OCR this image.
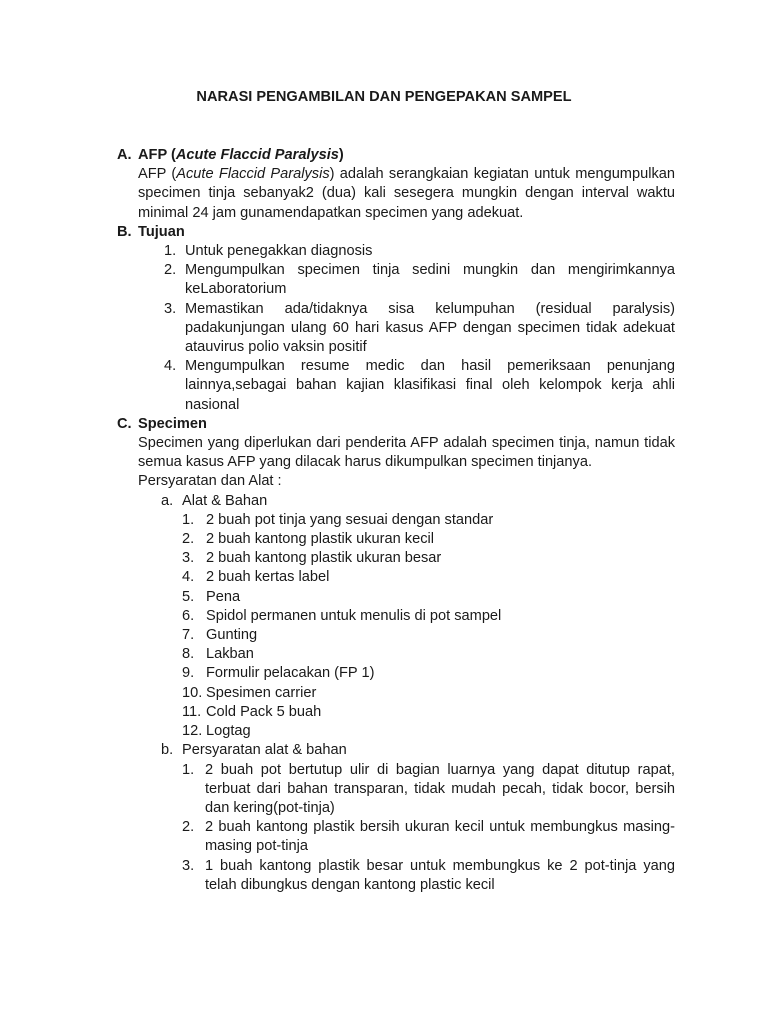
NARASI PENGAMBILAN DAN PENGEPAKAN SAMPEL
A. AFP (Acute Flaccid Paralysis)
AFP (Acute Flaccid Paralysis) adalah serangkaian kegiatan untuk mengumpulkan specimen tinja sebanyak2 (dua) kali sesegera mungkin dengan interval waktu minimal 24 jam gunamendapatkan specimen yang adekuat.
B. Tujuan
1. Untuk penegakkan diagnosis
2. Mengumpulkan specimen tinja sedini mungkin dan mengirimkannya keLaboratorium
3. Memastikan ada/tidaknya sisa kelumpuhan (residual paralysis) padakunjungan ulang 60 hari kasus AFP dengan specimen tidak adekuat atauvirus polio vaksin positif
4. Mengumpulkan resume medic dan hasil pemeriksaan penunjang lainnya,sebagai bahan kajian klasifikasi final oleh kelompok kerja ahli nasional
C. Specimen
Specimen yang diperlukan dari penderita AFP adalah specimen tinja, namun tidak semua kasus AFP yang dilacak harus dikumpulkan specimen tinjanya.
Persyaratan dan Alat :
a. Alat & Bahan
1. 2 buah pot tinja yang sesuai dengan standar
2. 2 buah kantong plastik ukuran kecil
3. 2 buah kantong plastik ukuran besar
4. 2 buah kertas label
5. Pena
6. Spidol permanen untuk menulis di pot sampel
7. Gunting
8. Lakban
9. Formulir pelacakan (FP 1)
10. Spesimen carrier
11. Cold Pack 5 buah
12. Logtag
b. Persyaratan alat & bahan
1. 2 buah pot bertutup ulir di bagian luarnya yang dapat ditutup rapat, terbuat dari bahan transparan, tidak mudah pecah, tidak bocor, bersih dan kering(pot-tinja)
2. 2 buah kantong plastik bersih ukuran kecil untuk membungkus masing-masing pot-tinja
3. 1 buah kantong plastik besar untuk membungkus ke 2 pot-tinja yang telah dibungkus dengan kantong plastic kecil
